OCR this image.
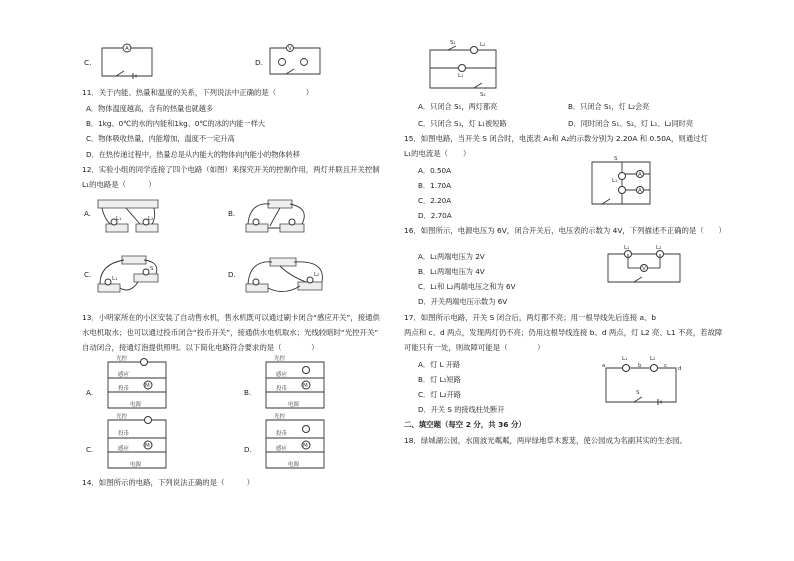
C.
A
D.
V
11．关于内能、热量和温度的关系，下列说法中正确的是（　　　　）
A．物体温度越高，含有的热量也就越多
B．1kg、0℃的水的内能和1kg、0℃的冰的内能一样大
C．物体吸收热量，内能增加，温度不一定升高
D．在热传递过程中，热量总是从内能大的物体向内能小的物体转移
12．实验小组的同学连接了四个电路（如图）来探究开关的控制作用，两灯并联且开关控制
L₁的电路是（　　　）
A.
L₁	L₂
B.
C.
S
L₁	D.	L₂
13．小明家所在的小区安装了自动售水机，售水机既可以通过刷卡闭合“感应开关”，接通供
水电机取水；也可以通过投币闭合“投币开关”，接通供水电机取水；光线较暗时“光控开关”
自动闭合，接通灯泡提供照明。以下简化电路符合要求的是（　　　　）
A.
M
光控
感应
投币
电源
B.
M
光控
感应
投币
电源
C.	M
光控
投币
感应
电源
D.	M
光控
投币
感应
电源
14．如图所示的电路，下列说法正确的是（　　　）
S₁	L₂
L₁
S₂
A．只闭合 S₁，两灯都亮	B．只闭合 S₁，灯 L₂会亮
C．只闭合 S₁，灯 L₁被短路	D．同时闭合 S₁、S₂，灯 L₁、L₂同时亮
15．如图电路，当开关 S 闭合时，电流表 A₁和 A₂的示数分别为 2.20A 和 0.50A，则通过灯
L₁的电流是（　　）
A．0.50A
B．1.70A
C．2.20A
D．2.70A
A
A
S
L₁
16．如图所示，电源电压为 6V，闭合开关后，电压表的示数为 4V，下列描述不正确的是（　　）
A．L₁两端电压为 2V
B．L₁两端电压为 4V
C．L₁和 L₂两端电压之和为 6V
D．开关两端电压示数为 6V
V
L₁	L₂
17．如图所示电路，开关 S 闭合后，两灯都不亮；用一根导线先后连接 a、b
两点和 c、d 两点，发现两灯仍不亮；仍用这根导线连接 b、d 两点，灯 L2 亮、L1 不亮，若故障
可能只有一处，则故障可能是（　　　　）
A．灯 L 开路
B．灯 L₁短路
C．灯 L₂开路
D．开关 S 的接线柱处断开
L₁	L₂
a	b	c d
S
二、填空题（每空 2 分，共 36 分）
18．绿城湖公园，水面波光粼粼，两岸绿地草木葱茏，使公园成为名副其实的生态园。
